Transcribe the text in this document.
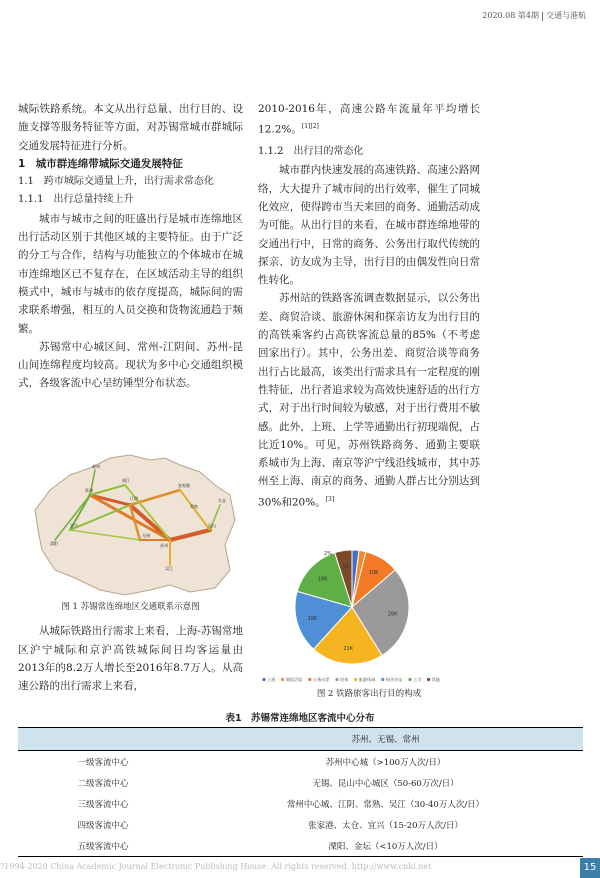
2020.08 第4期 交通与港航

城际铁路系统。本文从出行总量、出行目的、设施支撑等服务特征等方面，对苏锡常城市群城际交通发展特征进行分析。

1　城市群连绵带城际交通发展特征

1.1　跨市城际交通量上升，出行需求常态化

1.1.1　出行总量持续上升

城市与城市之间的旺盛出行是城市连绵地区出行活动区别于其他区域的主要特征。由于广泛的分工与合作，结构与功能独立的个体城市在城市连绵地区已不复存在，在区域活动主导的组织模式中，城市与城市的依存度提高，城际间的需求联系增强，相互的人员交换和货物流通趋于频繁。

苏锡常中心城区间、常州-江阴间、苏州-昆山间连绵程度均较高。现状为多中心交通组织模式，各级客流中心呈纺锤型分布状态。

泰州
靖江
江阴
张家港
常熟
太仓
常州
无锡
昆山
苏州
溧阳
宜兴
吴江

图 1 苏锡常连绵地区交通联系示意图

从城际铁路出行需求上来看，上海-苏锡常地区沪宁城际和京沪高铁城际间日均客运量由2013年的8.2万人增长至2016年8.7万人。从高速公路的出行需求上来看，

2010-2016年，高速公路车流量年平均增长12.2%。[1][2]

1.1.2　出行目的常态化

城市群内快速发展的高速铁路、高速公路网络，大大提升了城市间的出行效率，催生了同城化效应，使得跨市当天来回的商务、通勤活动成为可能。从出行目的来看，在城市群连绵地带的交通出行中，日常的商务、公务出行取代传统的探亲、访友成为主导，出行目的由偶发性向日常性转化。

苏州站的铁路客流调查数据显示，以公务出差、商贸洽谈、旅游休闲和探亲访友为出行目的的高铁乘客约占高铁客流总量的85%（不考虑回家出行）。其中，公务出差、商贸洽谈等商务出行占比最高，该类出行需求具有一定程度的刚性特征，出行者追求较为高效快速舒适的出行方式，对于出行时间较为敏感，对于出行费用不敏感。此外，上班、上学等通勤出行初现端倪，占比近10%。可见，苏州铁路商务、通勤主要联系城市为上海、南京等沪宁线沿线城市，其中苏州至上海、南京的商务、通勤人群占比分别达到30%和20%。[3]

10K
28K
21K
18K
16K
5K
2%
上班 商贸洽谈 公务出差 回家 旅游休闲 探亲访友 上学 其他
图 2 铁路旅客出行目的构成
表1　苏锡常连绵地区客流中心分布
	苏州、无锡、常州
一级客流中心	苏州中心城（>100万人次/日）
二级客流中心	无锡、昆山中心城区（50-60万次/日）
三级客流中心	常州中心城、江阴、常熟、吴江（30-40万人次/日）
四级客流中心	张家港、太仓、宜兴（15-20万人次/日）
五级客流中心	溧阳、金坛（<10万人次/日）
?1994-2020 China Academic Journal Electronic Publishing House. All rights reserved. http://www.cnki.net	15
